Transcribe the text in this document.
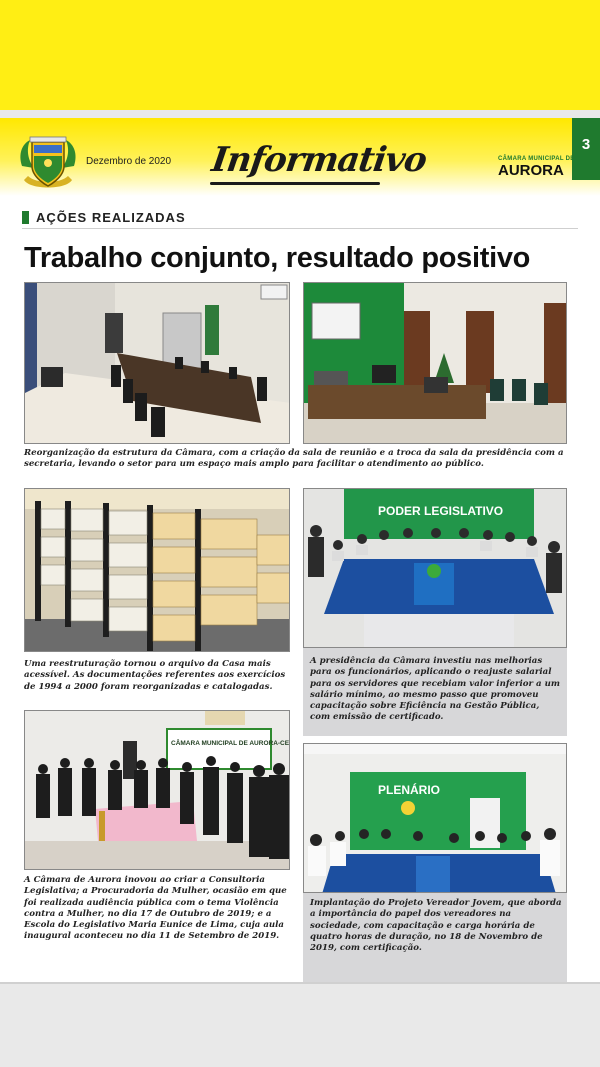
3
Dezembro de 2020 Informativo	CÂMARA MUNICIPAL DE
AURORA
AÇÕES REALIZADAS
Trabalho conjunto, resultado positivo
Reorganização da estrutura da Câmara, com a criação da sala de reunião e a troca da sala da presidência com a secretaria, levando o setor para um espaço mais amplo para facilitar o atendimento ao público.
Uma reestruturação tornou o arquivo da Casa mais acessível. As documentações referentes aos exercícios de 1994 a 2000 foram reorganizadas e catalogadas.
PODER LEGISLATIVO
A presidência da Câmara investiu nas melhorias para os funcionários, aplicando o reajuste salarial para os servidores que recebiam valor inferior a um salário mínimo, ao mesmo passo que promoveu capacitação sobre Eficiência na Gestão Pública, com emissão de certificado.
CÂMARA MUNICIPAL DE AURORA-CE
A Câmara de Aurora inovou ao criar a Consultoria Legislativa; a Procuradoria da Mulher, ocasião em que foi realizada audiência pública com o tema Violência contra a Mulher, no dia 17 de Outubro de 2019; e a Escola do Legislativo Maria Eunice de Lima, cuja aula inaugural aconteceu no dia 11 de Setembro de 2019.
PLENÁRIO
Implantação do Projeto Vereador Jovem, que aborda a importância do papel dos vereadores na sociedade, com capacitação e carga horária de quatro horas de duração, no 18 de Novembro de 2019, com certificação.
